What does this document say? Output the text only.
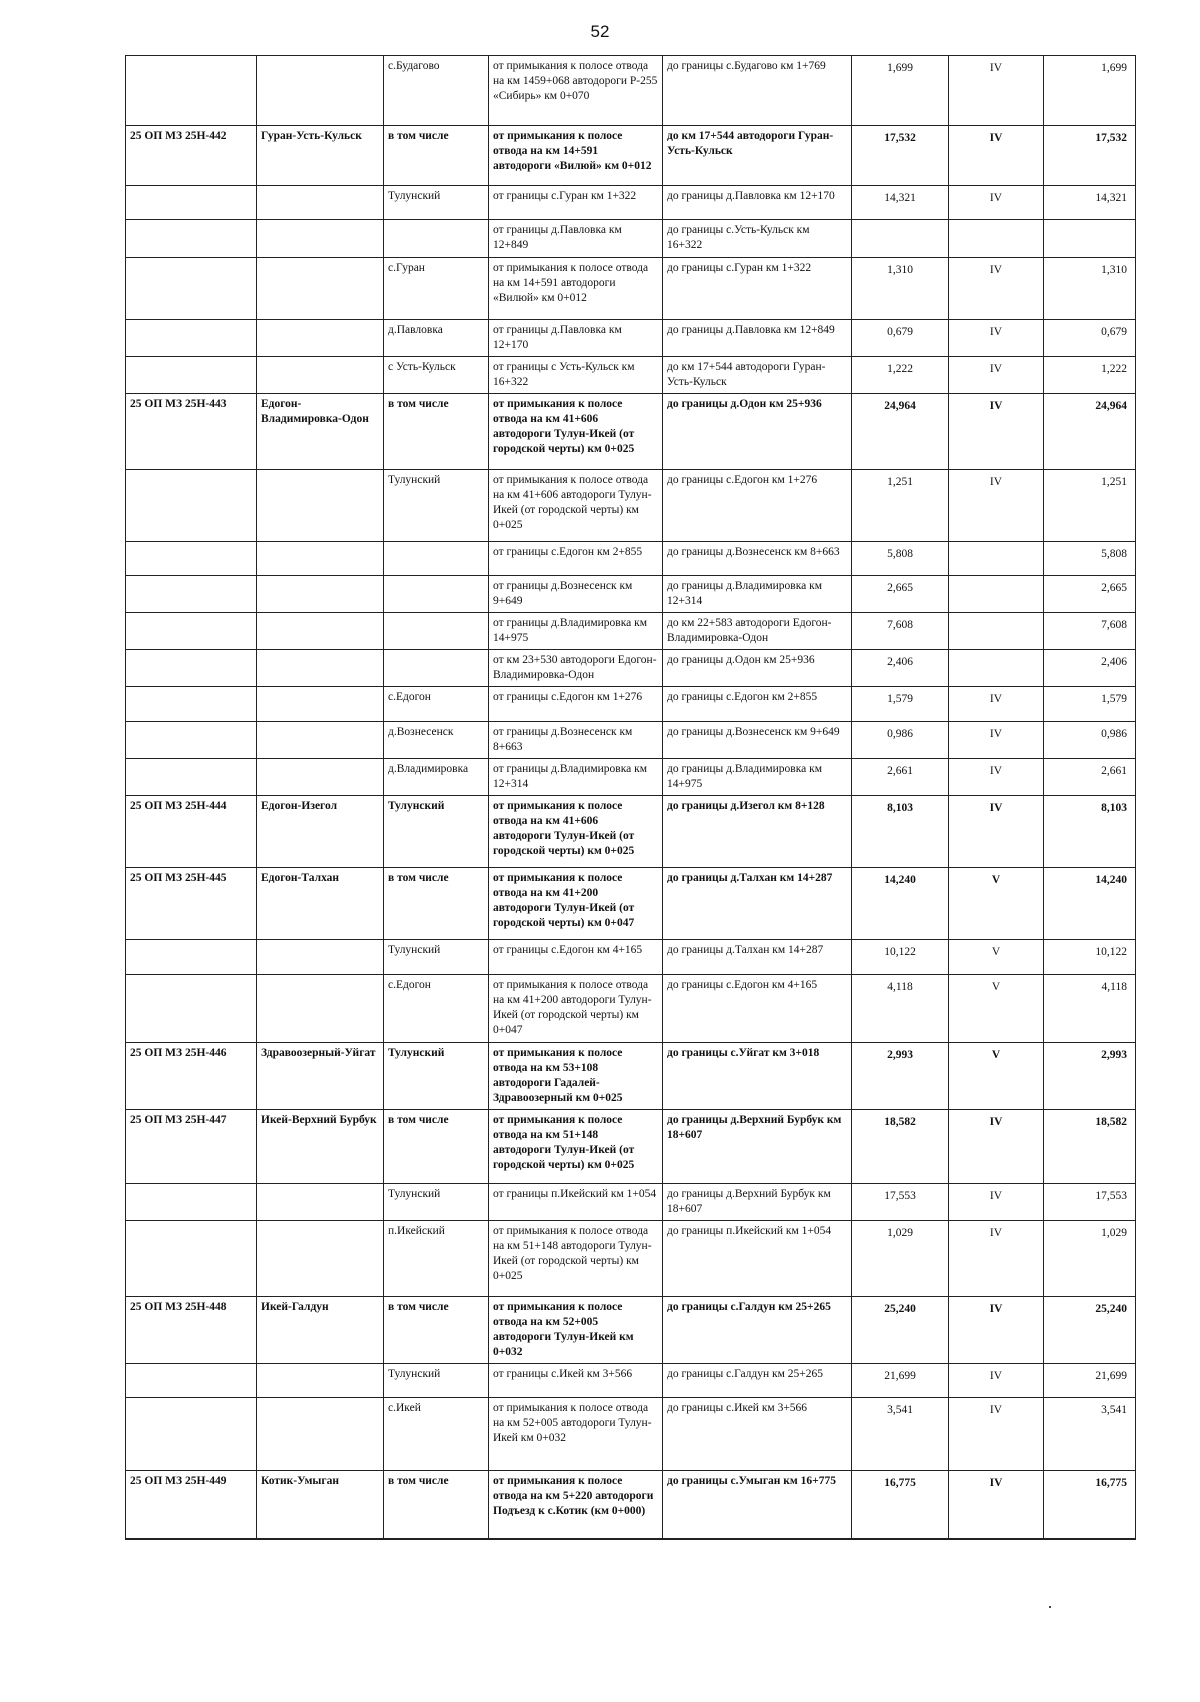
52
		с.Будагово	от примыкания к полосе отвода на км 1459+068 автодороги Р-255 «Сибирь» км 0+070	до границы с.Будагово км 1+769	1,699	IV	1,699
25 ОП МЗ 25Н-442	Гуран-Усть-Кульск	в том числе	от примыкания к полосе отвода на км 14+591 автодороги «Вилюй» км 0+012	до км 17+544 автодороги Гуран-Усть-Кульск	17,532	IV	17,532
		Тулунский	от границы с.Гуран км 1+322	до границы д.Павловка км 12+170	14,321	IV	14,321
			от границы д.Павловка км 12+849	до границы с.Усть-Кульск км 16+322			
		с.Гуран	от примыкания к полосе отвода на км 14+591 автодороги «Вилюй» км 0+012	до границы с.Гуран км 1+322	1,310	IV	1,310
		д.Павловка	от границы д.Павловка км 12+170	до границы д.Павловка км 12+849	0,679	IV	0,679
		с Усть-Кульск	от границы с Усть-Кульск км 16+322	до км 17+544 автодороги Гуран-Усть-Кульск	1,222	IV	1,222
25 ОП МЗ 25Н-443	Едогон-Владимировка-Одон	в том числе	от примыкания к полосе отвода на км 41+606 автодороги Тулун-Икей (от городской черты) км 0+025	до границы д.Одон км 25+936	24,964	IV	24,964
		Тулунский	от примыкания к полосе отвода на км 41+606 автодороги Тулун-Икей (от городской черты) км 0+025	до границы с.Едогон км 1+276	1,251	IV	1,251
			от границы с.Едогон км 2+855	до границы д.Вознесенск км 8+663	5,808		5,808
			от границы д.Вознесенск км 9+649	до границы д.Владимировка км 12+314	2,665		2,665
			от границы д.Владимировка км 14+975	до км 22+583 автодороги Едогон-Владимировка-Одон	7,608		7,608
			от км 23+530 автодороги Едогон-Владимировка-Одон	до границы д.Одон км 25+936	2,406		2,406
		с.Едогон	от границы с.Едогон км 1+276	до границы с.Едогон км 2+855	1,579	IV	1,579
		д.Вознесенск	от границы д.Вознесенск км 8+663	до границы д.Вознесенск км 9+649	0,986	IV	0,986
		д.Владимировка	от границы д.Владимировка км 12+314	до границы д.Владимировка км 14+975	2,661	IV	2,661
25 ОП МЗ 25Н-444	Едогон-Изегол	Тулунский	от примыкания к полосе отвода на км 41+606 автодороги Тулун-Икей (от городской черты) км 0+025	до границы д.Изегол км 8+128	8,103	IV	8,103
25 ОП МЗ 25Н-445	Едогон-Талхан	в том числе	от примыкания к полосе отвода на км 41+200 автодороги Тулун-Икей (от городской черты) км 0+047	до границы д.Талхан км 14+287	14,240	V	14,240
		Тулунский	от границы с.Едогон км 4+165	до границы д.Талхан км 14+287	10,122	V	10,122
		с.Едогон	от примыкания к полосе отвода на км 41+200 автодороги Тулун-Икей (от городской черты) км 0+047	до границы с.Едогон км 4+165	4,118	V	4,118
25 ОП МЗ 25Н-446	Здравоозерный-Уйгат	Тулунский	от примыкания к полосе отвода на км 53+108 автодороги Гадалей-Здравоозерный км 0+025	до границы с.Уйгат км 3+018	2,993	V	2,993
25 ОП МЗ 25Н-447	Икей-Верхний Бурбук	в том числе	от примыкания к полосе отвода на км 51+148 автодороги Тулун-Икей (от городской черты) км 0+025	до границы д.Верхний Бурбук км 18+607	18,582	IV	18,582
		Тулунский	от границы п.Икейский км 1+054	до границы д.Верхний Бурбук км 18+607	17,553	IV	17,553
		п.Икейский	от примыкания к полосе отвода на км 51+148 автодороги Тулун-Икей (от городской черты) км 0+025	до границы п.Икейский км 1+054	1,029	IV	1,029
25 ОП МЗ 25Н-448	Икей-Галдун	в том числе	от примыкания к полосе отвода на км 52+005 автодороги Тулун-Икей км 0+032	до границы с.Галдун км 25+265	25,240	IV	25,240
		Тулунский	от границы с.Икей км 3+566	до границы с.Галдун км 25+265	21,699	IV	21,699
		с.Икей	от примыкания к полосе отвода на км 52+005 автодороги Тулун-Икей км 0+032	до границы с.Икей км 3+566	3,541	IV	3,541
25 ОП МЗ 25Н-449	Котик-Умыган	в том числе	от примыкания к полосе отвода на км 5+220 автодороги Подъезд к с.Котик (км 0+000)	до границы с.Умыган км 16+775	16,775	IV	16,775
